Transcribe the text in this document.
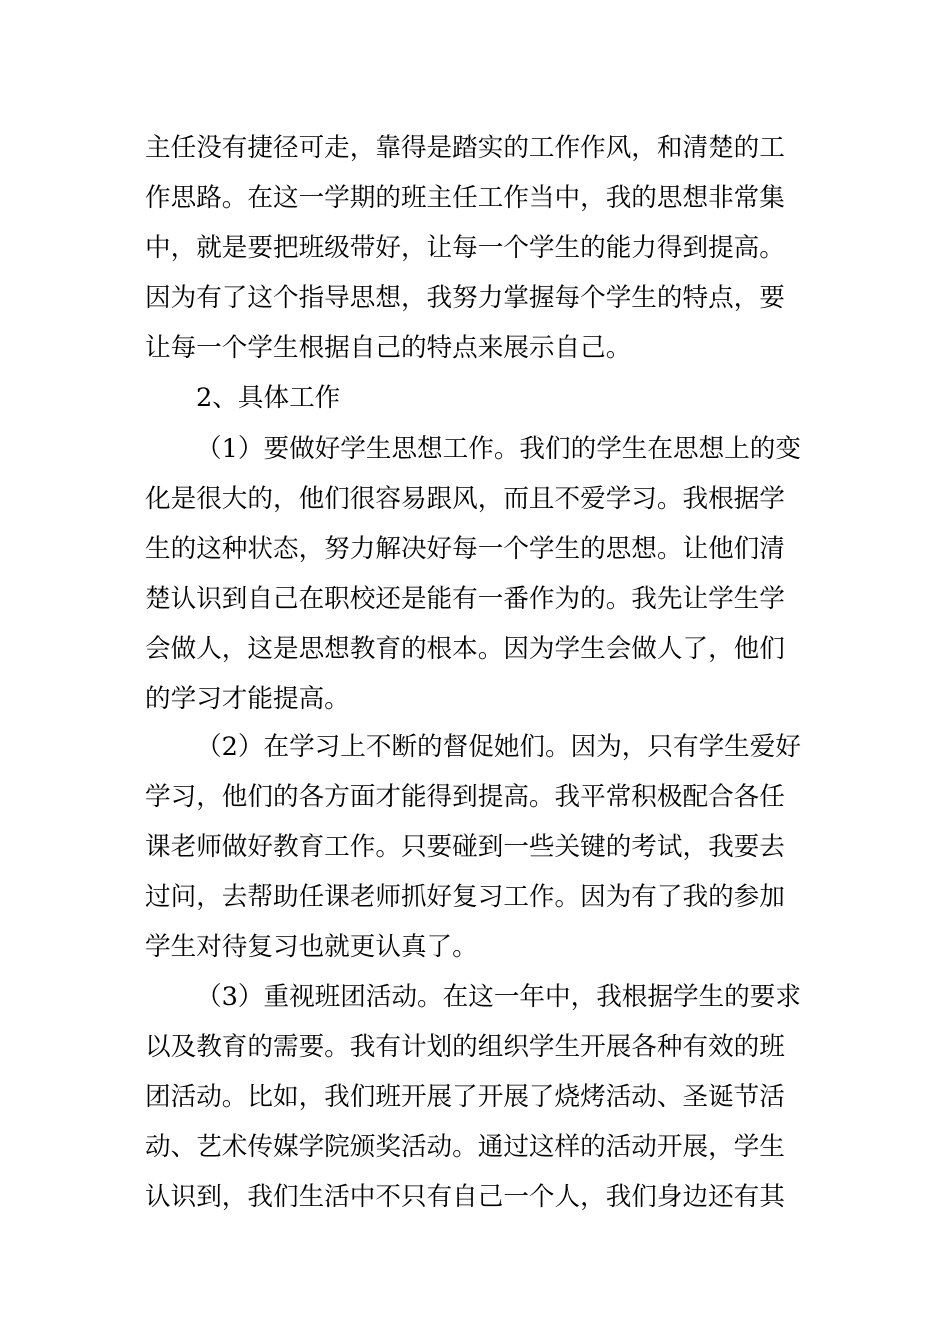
主任没有捷径可走，靠得是踏实的工作作风，和清楚的工
作思路。在这一学期的班主任工作当中，我的思想非常集
中，就是要把班级带好，让每一个学生的能力得到提高。
因为有了这个指导思想，我努力掌握每个学生的特点，要
让每一个学生根据自己的特点来展示自己。
2、具体工作
（1）要做好学生思想工作。我们的学生在思想上的变
化是很大的，他们很容易跟风，而且不爱学习。我根据学
生的这种状态，努力解决好每一个学生的思想。让他们清
楚认识到自己在职校还是能有一番作为的。我先让学生学
会做人，这是思想教育的根本。因为学生会做人了，他们
的学习才能提高。
（2）在学习上不断的督促她们。因为，只有学生爱好
学习，他们的各方面才能得到提高。我平常积极配合各任
课老师做好教育工作。只要碰到一些关键的考试，我要去
过问，去帮助任课老师抓好复习工作。因为有了我的参加
学生对待复习也就更认真了。
（3）重视班团活动。在这一年中，我根据学生的要求
以及教育的需要。我有计划的组织学生开展各种有效的班
团活动。比如，我们班开展了开展了烧烤活动、圣诞节活
动、艺术传媒学院颁奖活动。通过这样的活动开展，学生
认识到，我们生活中不只有自己一个人，我们身边还有其
